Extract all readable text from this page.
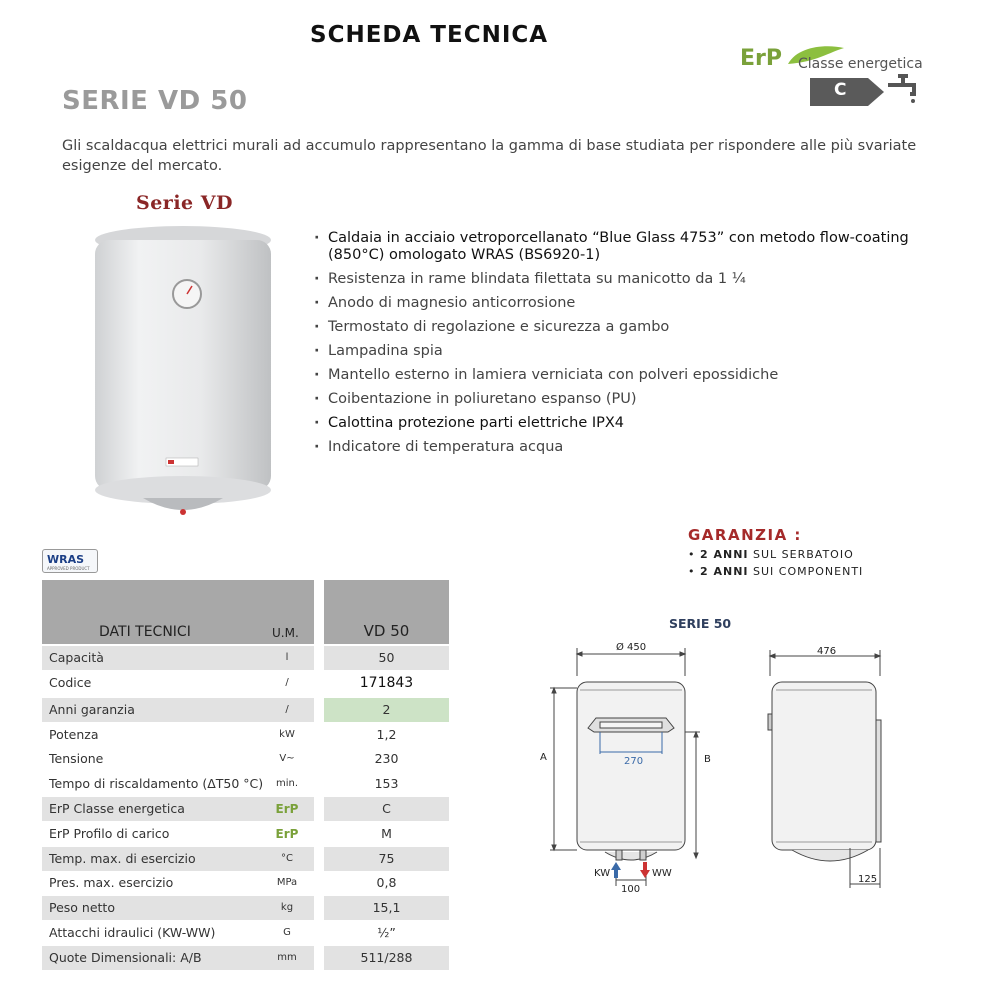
SCHEDA TECNICA
ErP Classe energetica
C
SERIE VD 50
Gli scaldacqua elettrici murali ad accumulo rappresentano la gamma di base studiata per rispondere alle più svariate esigenze del mercato.
Serie VD
· Caldaia in acciaio vetroporcellanato “Blue Glass 4753” con metodo flow-coating (850°C) omologato WRAS (BS6920-1)
· Resistenza in rame blindata filettata su manicotto da 1 ¼
· Anodo di magnesio anticorrosione
· Termostato di regolazione e sicurezza a gambo
· Lampadina spia
· Mantello esterno in lamiera verniciata con polveri epossidiche
· Coibentazione in poliuretano espanso (PU)
· Calottina protezione parti elettriche IPX4
· Indicatore di temperatura acqua
GARANZIA :
• 2 ANNI SUL SERBATOIO
• 2 ANNI SUI COMPONENTI
WRAS
APPROVED PRODUCT
DATI TECNICI	U.M.	VD 50
Capacità	l	50
Codice	/	171843
Anni garanzia	/	2
Potenza	kW	1,2
Tensione	V~	230
Tempo di riscaldamento (ΔT50 °C)	min.	153
ErP Classe energetica	ErP	C
ErP Profilo di carico	ErP	M
Temp. max. di esercizio	°C	75
Pres. max. esercizio	MPa	0,8
Peso netto	kg	15,1
Attacchi idraulici (KW-WW)	G	½”
Quote Dimensionali: A/B	mm	511/288
SERIE 50
Ø 450
270
A	B
KW	WW
100
476
125
